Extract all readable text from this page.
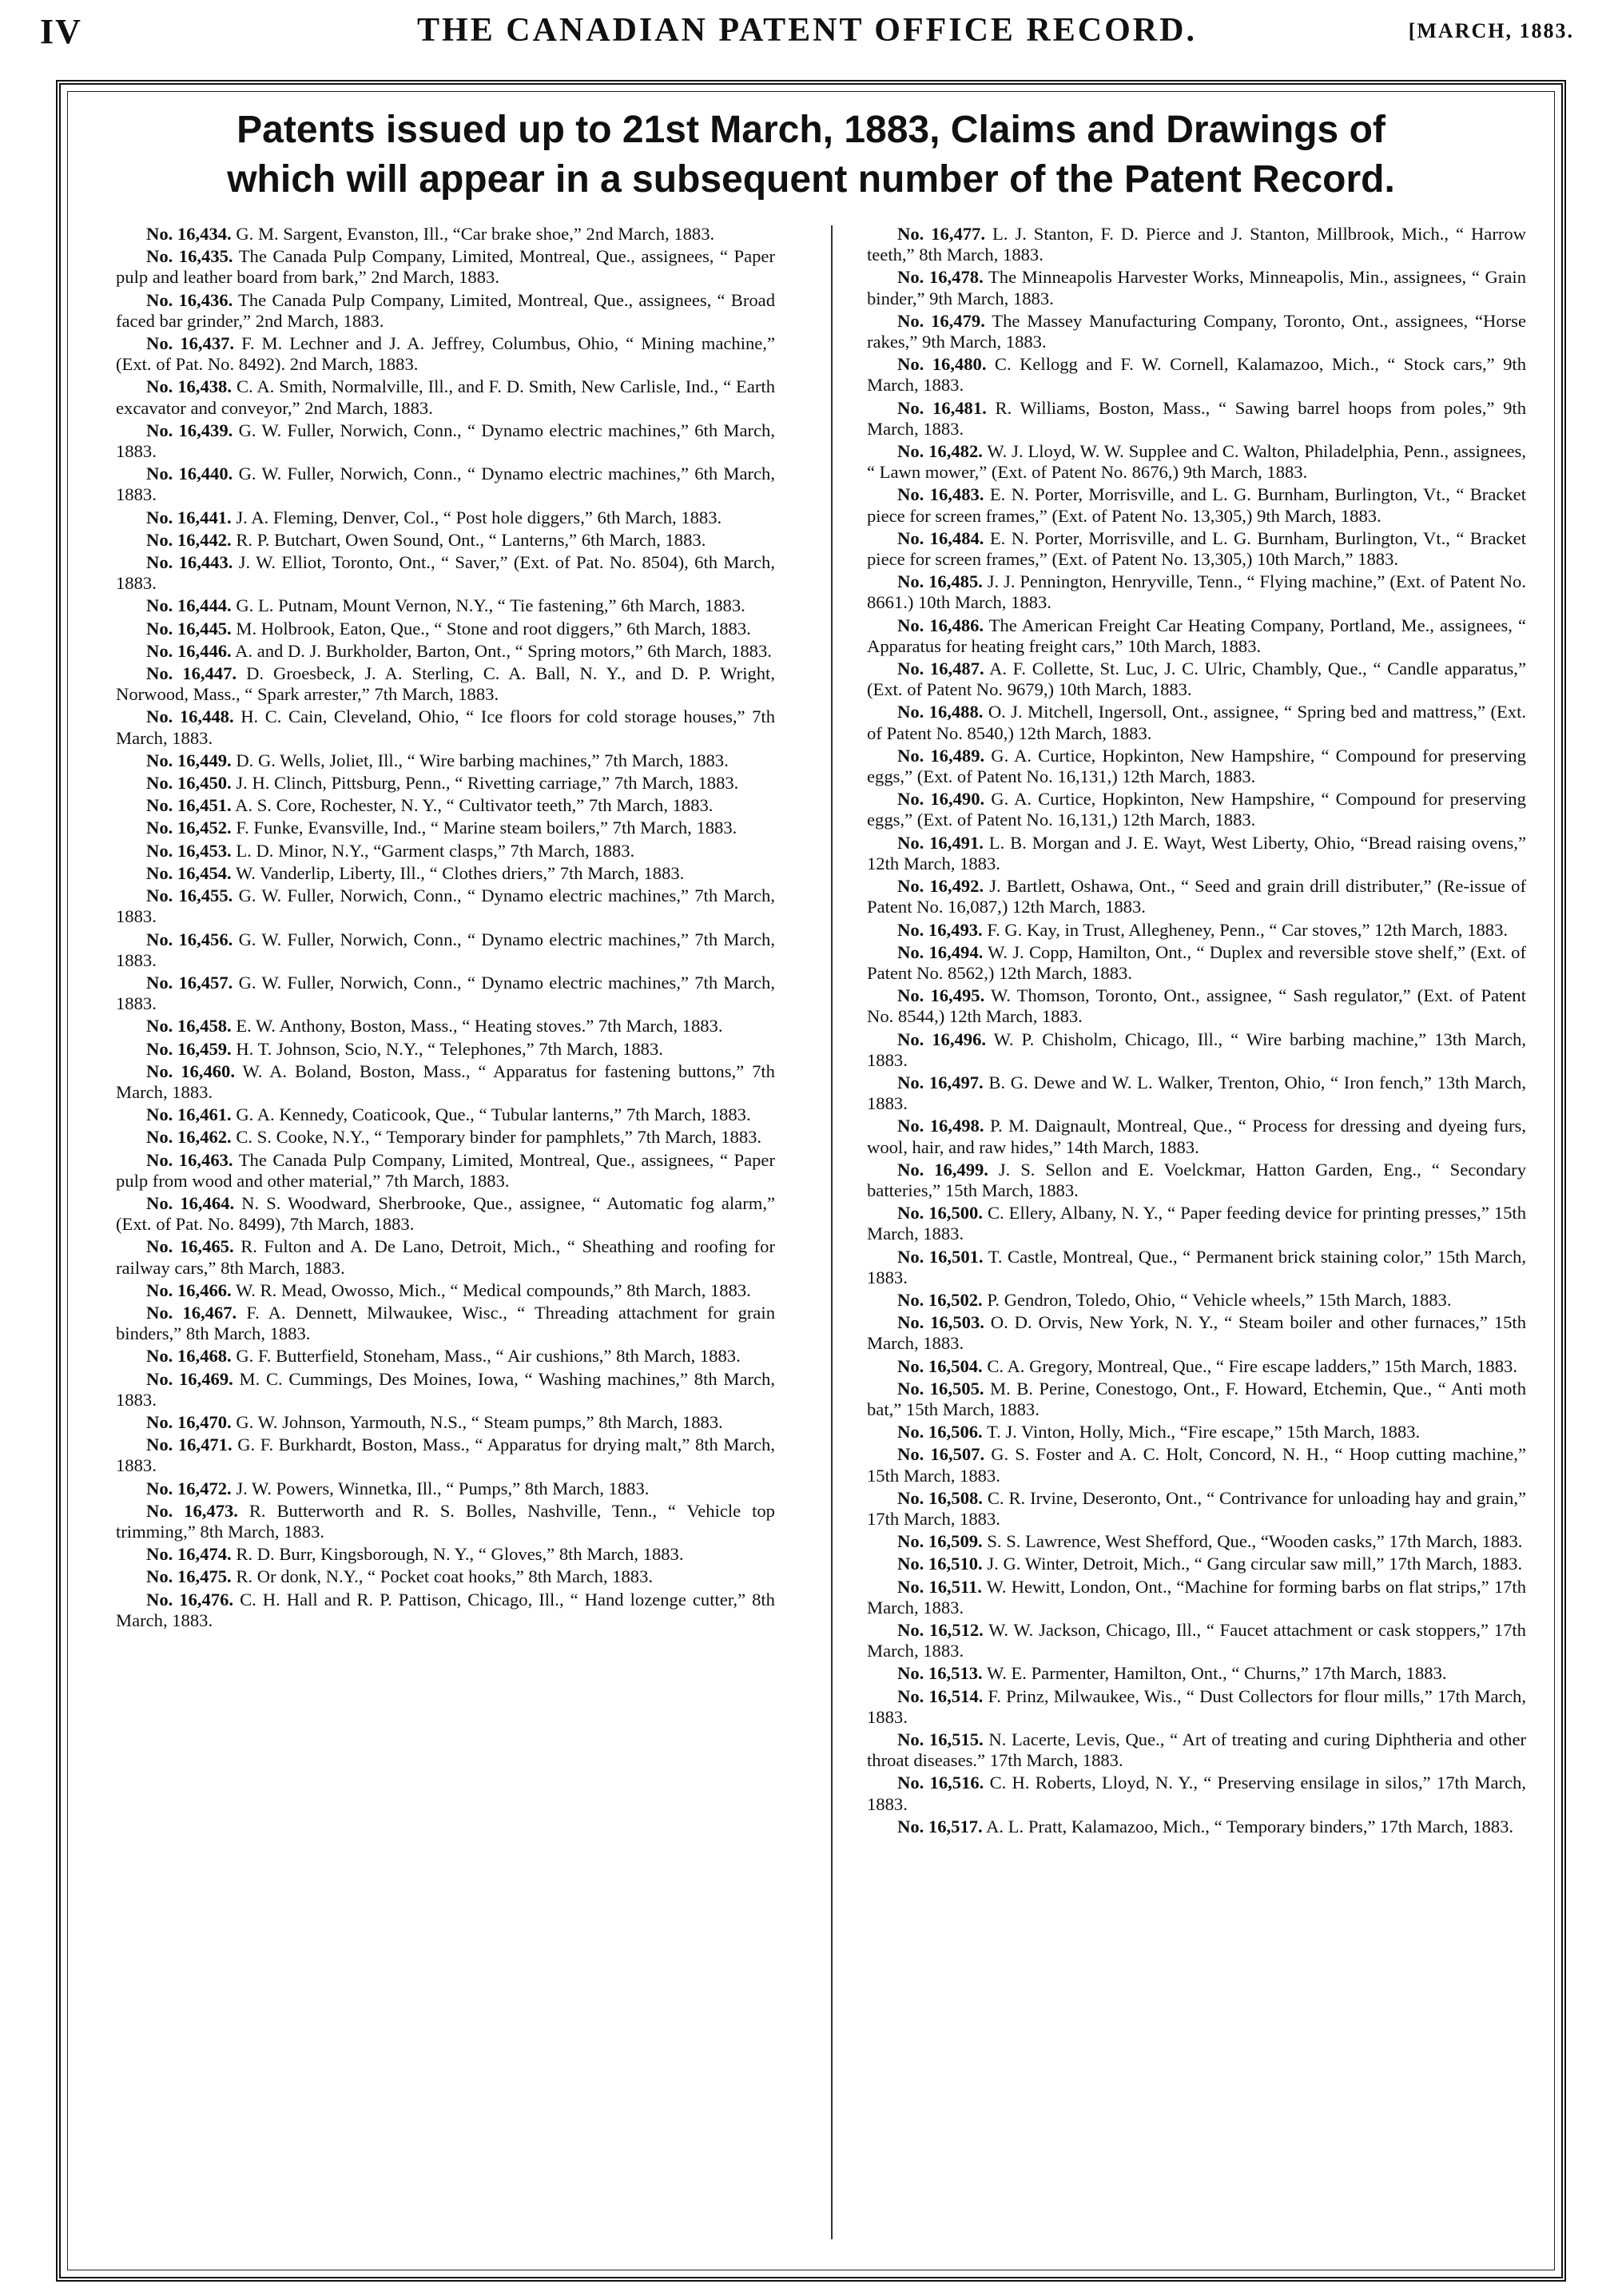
IV	THE CANADIAN PATENT OFFICE RECORD.	[MARCH, 1883.
Patents issued up to 21st March, 1883, Claims and Drawings of
which will appear in a subsequent number of the Patent Record.

No. 16,434. G. M. Sargent, Evanston, Ill., “Car brake shoe,” 2nd March, 1883.

No. 16,435. The Canada Pulp Company, Limited, Montreal, Que., assignees, “ Paper pulp and leather board from bark,” 2nd March, 1883.

No. 16,436. The Canada Pulp Company, Limited, Montreal, Que., assignees, “ Broad faced bar grinder,” 2nd March, 1883.

No. 16,437. F. M. Lechner and J. A. Jeffrey, Columbus, Ohio, “ Mining machine,” (Ext. of Pat. No. 8492). 2nd March, 1883.

No. 16,438. C. A. Smith, Normalville, Ill., and F. D. Smith, New Carlisle, Ind., “ Earth excavator and conveyor,” 2nd March, 1883.

No. 16,439. G. W. Fuller, Norwich, Conn., “ Dynamo electric machines,” 6th March, 1883.

No. 16,440. G. W. Fuller, Norwich, Conn., “ Dynamo electric machines,” 6th March, 1883.

No. 16,441. J. A. Fleming, Denver, Col., “ Post hole diggers,” 6th March, 1883.

No. 16,442. R. P. Butchart, Owen Sound, Ont., “ Lanterns,” 6th March, 1883.

No. 16,443. J. W. Elliot, Toronto, Ont., “ Saver,” (Ext. of Pat. No. 8504), 6th March, 1883.

No. 16,444. G. L. Putnam, Mount Vernon, N.Y., “ Tie fastening,” 6th March, 1883.

No. 16,445. M. Holbrook, Eaton, Que., “ Stone and root diggers,” 6th March, 1883.

No. 16,446. A. and D. J. Burkholder, Barton, Ont., “ Spring motors,” 6th March, 1883.

No. 16,447. D. Groesbeck, J. A. Sterling, C. A. Ball, N. Y., and D. P. Wright, Norwood, Mass., “ Spark arrester,” 7th March, 1883.

No. 16,448. H. C. Cain, Cleveland, Ohio, “ Ice floors for cold storage houses,” 7th March, 1883.

No. 16,449. D. G. Wells, Joliet, Ill., “ Wire barbing machines,” 7th March, 1883.

No. 16,450. J. H. Clinch, Pittsburg, Penn., “ Rivetting carriage,” 7th March, 1883.

No. 16,451. A. S. Core, Rochester, N. Y., “ Cultivator teeth,” 7th March, 1883.

No. 16,452. F. Funke, Evansville, Ind., “ Marine steam boilers,” 7th March, 1883.

No. 16,453. L. D. Minor, N.Y., “Garment clasps,” 7th March, 1883.

No. 16,454. W. Vanderlip, Liberty, Ill., “ Clothes driers,” 7th March, 1883.

No. 16,455. G. W. Fuller, Norwich, Conn., “ Dynamo electric machines,” 7th March, 1883.

No. 16,456. G. W. Fuller, Norwich, Conn., “ Dynamo electric machines,” 7th March, 1883.

No. 16,457. G. W. Fuller, Norwich, Conn., “ Dynamo electric machines,” 7th March, 1883.

No. 16,458. E. W. Anthony, Boston, Mass., “ Heating stoves.” 7th March, 1883.

No. 16,459. H. T. Johnson, Scio, N.Y., “ Telephones,” 7th March, 1883.

No. 16,460. W. A. Boland, Boston, Mass., “ Apparatus for fastening buttons,” 7th March, 1883.

No. 16,461. G. A. Kennedy, Coaticook, Que., “ Tubular lanterns,” 7th March, 1883.

No. 16,462. C. S. Cooke, N.Y., “ Temporary binder for pamphlets,” 7th March, 1883.

No. 16,463. The Canada Pulp Company, Limited, Montreal, Que., assignees, “ Paper pulp from wood and other material,” 7th March, 1883.

No. 16,464. N. S. Woodward, Sherbrooke, Que., assignee, “ Automatic fog alarm,” (Ext. of Pat. No. 8499), 7th March, 1883.

No. 16,465. R. Fulton and A. De Lano, Detroit, Mich., “ Sheathing and roofing for railway cars,” 8th March, 1883.

No. 16,466. W. R. Mead, Owosso, Mich., “ Medical compounds,” 8th March, 1883.

No. 16,467. F. A. Dennett, Milwaukee, Wisc., “ Threading attachment for grain binders,” 8th March, 1883.

No. 16,468. G. F. Butterfield, Stoneham, Mass., “ Air cushions,” 8th March, 1883.

No. 16,469. M. C. Cummings, Des Moines, Iowa, “ Washing machines,” 8th March, 1883.

No. 16,470. G. W. Johnson, Yarmouth, N.S., “ Steam pumps,” 8th March, 1883.

No. 16,471. G. F. Burkhardt, Boston, Mass., “ Apparatus for drying malt,” 8th March, 1883.

No. 16,472. J. W. Powers, Winnetka, Ill., “ Pumps,” 8th March, 1883.

No. 16,473. R. Butterworth and R. S. Bolles, Nashville, Tenn., “ Vehicle top trimming,” 8th March, 1883.

No. 16,474. R. D. Burr, Kingsborough, N. Y., “ Gloves,” 8th March, 1883.

No. 16,475. R. Or donk, N.Y., “ Pocket coat hooks,” 8th March, 1883.

No. 16,476. C. H. Hall and R. P. Pattison, Chicago, Ill., “ Hand lozenge cutter,” 8th March, 1883.

No. 16,477. L. J. Stanton, F. D. Pierce and J. Stanton, Millbrook, Mich., “ Harrow teeth,” 8th March, 1883.

No. 16,478. The Minneapolis Harvester Works, Minneapolis, Min., assignees, “ Grain binder,” 9th March, 1883.

No. 16,479. The Massey Manufacturing Company, Toronto, Ont., assignees, “Horse rakes,” 9th March, 1883.

No. 16,480. C. Kellogg and F. W. Cornell, Kalamazoo, Mich., “ Stock cars,” 9th March, 1883.

No. 16,481. R. Williams, Boston, Mass., “ Sawing barrel hoops from poles,” 9th March, 1883.

No. 16,482. W. J. Lloyd, W. W. Supplee and C. Walton, Philadelphia, Penn., assignees, “ Lawn mower,” (Ext. of Patent No. 8676,) 9th March, 1883.

No. 16,483. E. N. Porter, Morrisville, and L. G. Burnham, Burlington, Vt., “ Bracket piece for screen frames,” (Ext. of Patent No. 13,305,) 9th March, 1883.

No. 16,484. E. N. Porter, Morrisville, and L. G. Burnham, Burlington, Vt., “ Bracket piece for screen frames,” (Ext. of Patent No. 13,305,) 10th March,” 1883.

No. 16,485. J. J. Pennington, Henryville, Tenn., “ Flying machine,” (Ext. of Patent No. 8661.) 10th March, 1883.

No. 16,486. The American Freight Car Heating Company, Portland, Me., assignees, “ Apparatus for heating freight cars,” 10th March, 1883.

No. 16,487. A. F. Collette, St. Luc, J. C. Ulric, Chambly, Que., “ Candle apparatus,” (Ext. of Patent No. 9679,) 10th March, 1883.

No. 16,488. O. J. Mitchell, Ingersoll, Ont., assignee, “ Spring bed and mattress,” (Ext. of Patent No. 8540,) 12th March, 1883.

No. 16,489. G. A. Curtice, Hopkinton, New Hampshire, “ Compound for preserving eggs,” (Ext. of Patent No. 16,131,) 12th March, 1883.

No. 16,490. G. A. Curtice, Hopkinton, New Hampshire, “ Compound for preserving eggs,” (Ext. of Patent No. 16,131,) 12th March, 1883.

No. 16,491. L. B. Morgan and J. E. Wayt, West Liberty, Ohio, “Bread raising ovens,” 12th March, 1883.

No. 16,492. J. Bartlett, Oshawa, Ont., “ Seed and grain drill distributer,” (Re-issue of Patent No. 16,087,) 12th March, 1883.

No. 16,493. F. G. Kay, in Trust, Allegheney, Penn., “ Car stoves,” 12th March, 1883.

No. 16,494. W. J. Copp, Hamilton, Ont., “ Duplex and reversible stove shelf,” (Ext. of Patent No. 8562,) 12th March, 1883.

No. 16,495. W. Thomson, Toronto, Ont., assignee, “ Sash regulator,” (Ext. of Patent No. 8544,) 12th March, 1883.

No. 16,496. W. P. Chisholm, Chicago, Ill., “ Wire barbing machine,” 13th March, 1883.

No. 16,497. B. G. Dewe and W. L. Walker, Trenton, Ohio, “ Iron fench,” 13th March, 1883.

No. 16,498. P. M. Daignault, Montreal, Que., “ Process for dressing and dyeing furs, wool, hair, and raw hides,” 14th March, 1883.

No. 16,499. J. S. Sellon and E. Voelckmar, Hatton Garden, Eng., “ Secondary batteries,” 15th March, 1883.

No. 16,500. C. Ellery, Albany, N. Y., “ Paper feeding device for printing presses,” 15th March, 1883.

No. 16,501. T. Castle, Montreal, Que., “ Permanent brick staining color,” 15th March, 1883.

No. 16,502. P. Gendron, Toledo, Ohio, “ Vehicle wheels,” 15th March, 1883.

No. 16,503. O. D. Orvis, New York, N. Y., “ Steam boiler and other furnaces,” 15th March, 1883.

No. 16,504. C. A. Gregory, Montreal, Que., “ Fire escape ladders,” 15th March, 1883.

No. 16,505. M. B. Perine, Conestogo, Ont., F. Howard, Etchemin, Que., “ Anti moth bat,” 15th March, 1883.

No. 16,506. T. J. Vinton, Holly, Mich., “Fire escape,” 15th March, 1883.

No. 16,507. G. S. Foster and A. C. Holt, Concord, N. H., “ Hoop cutting machine,” 15th March, 1883.

No. 16,508. C. R. Irvine, Deseronto, Ont., “ Contrivance for unloading hay and grain,” 17th March, 1883.

No. 16,509. S. S. Lawrence, West Shefford, Que., “Wooden casks,” 17th March, 1883.

No. 16,510. J. G. Winter, Detroit, Mich., “ Gang circular saw mill,” 17th March, 1883.

No. 16,511. W. Hewitt, London, Ont., “Machine for forming barbs on flat strips,” 17th March, 1883.

No. 16,512. W. W. Jackson, Chicago, Ill., “ Faucet attachment or cask stoppers,” 17th March, 1883.

No. 16,513. W. E. Parmenter, Hamilton, Ont., “ Churns,” 17th March, 1883.

No. 16,514. F. Prinz, Milwaukee, Wis., “ Dust Collectors for flour mills,” 17th March, 1883.

No. 16,515. N. Lacerte, Levis, Que., “ Art of treating and curing Diphtheria and other throat diseases.” 17th March, 1883.

No. 16,516. C. H. Roberts, Lloyd, N. Y., “ Preserving ensilage in silos,” 17th March, 1883.

No. 16,517. A. L. Pratt, Kalamazoo, Mich., “ Temporary binders,” 17th March, 1883.
